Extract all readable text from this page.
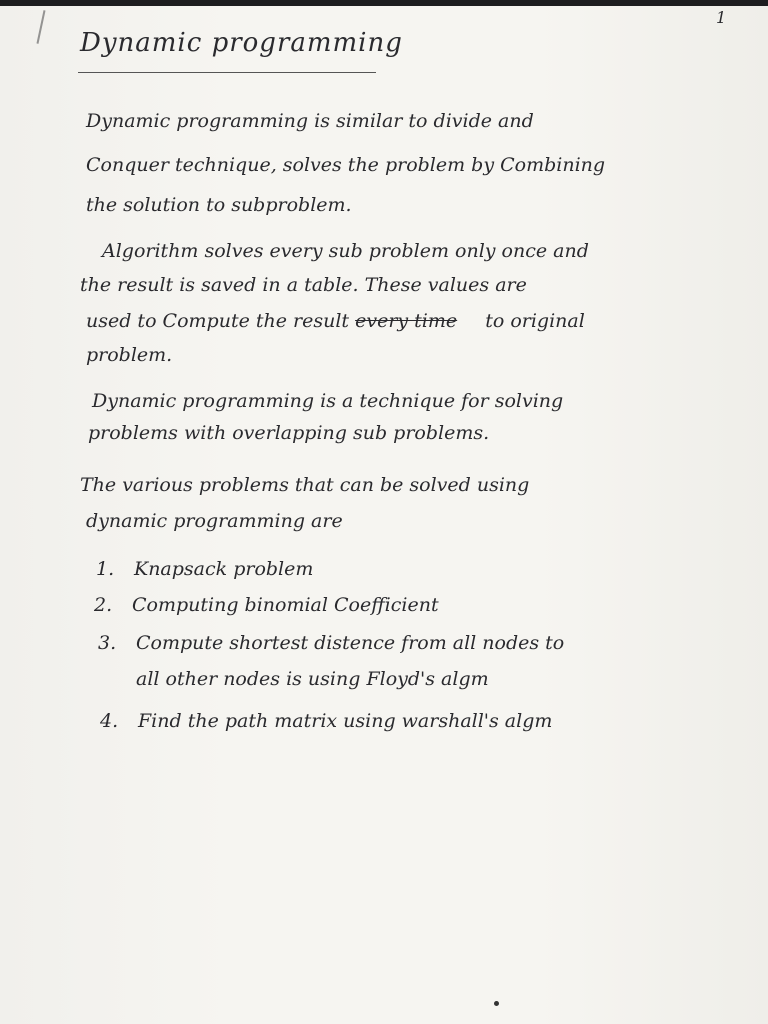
1
Dynamic programming
Dynamic programming is similar to divide and
Conquer technique, solves the problem by Combining
the solution to subproblem.
Algorithm solves every sub problem only once and
the result is saved in a table. These values are
used to Compute the result every time to original
problem.
Dynamic programming is a technique for solving
problems with overlapping sub problems.
The various problems that can be solved using
dynamic programming are
1. Knapsack problem
2. Computing binomial Coefficient
3. Compute shortest distence from all nodes to
all other nodes is using Floyd's algm
4. Find the path matrix using warshall's algm
